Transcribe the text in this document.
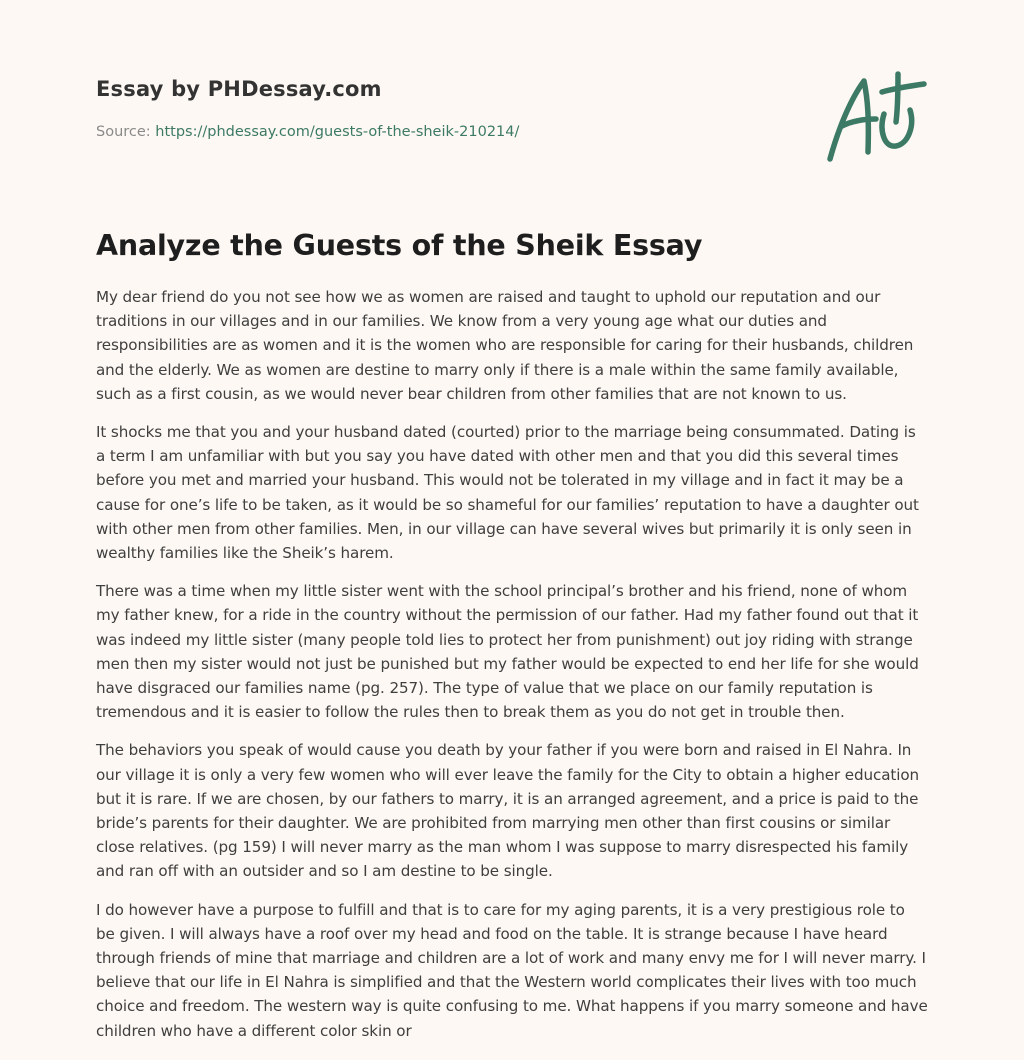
Essay by PHDessay.com
Source: https://phdessay.com/guests-of-the-sheik-210214/
Analyze the Guests of the Sheik Essay

My dear friend do you not see how we as women are raised and taught to uphold our reputation and our traditions in our villages and in our families. We know from a very young age what our duties and responsibilities are as women and it is the women who are responsible for caring for their husbands, children and the elderly. We as women are destine to marry only if there is a male within the same family available, such as a first cousin, as we would never bear children from other families that are not known to us.

It shocks me that you and your husband dated (courted) prior to the marriage being consummated. Dating is a term I am unfamiliar with but you say you have dated with other men and that you did this several times before you met and married your husband. This would not be tolerated in my village and in fact it may be a cause for one’s life to be taken, as it would be so shameful for our families’ reputation to have a daughter out with other men from other families. Men, in our village can have several wives but primarily it is only seen in wealthy families like the Sheik’s harem.

There was a time when my little sister went with the school principal’s brother and his friend, none of whom my father knew, for a ride in the country without the permission of our father. Had my father found out that it was indeed my little sister (many people told lies to protect her from punishment) out joy riding with strange men then my sister would not just be punished but my father would be expected to end her life for she would have disgraced our families name (pg. 257). The type of value that we place on our family reputation is tremendous and it is easier to follow the rules then to break them as you do not get in trouble then.

The behaviors you speak of would cause you death by your father if you were born and raised in El Nahra. In our village it is only a very few women who will ever leave the family for the City to obtain a higher education but it is rare. If we are chosen, by our fathers to marry, it is an arranged agreement, and a price is paid to the bride’s parents for their daughter. We are prohibited from marrying men other than first cousins or similar close relatives. (pg 159) I will never marry as the man whom I was suppose to marry disrespected his family and ran off with an outsider and so I am destine to be single.

I do however have a purpose to fulfill and that is to care for my aging parents, it is a very prestigious role to be given. I will always have a roof over my head and food on the table. It is strange because I have heard through friends of mine that marriage and children are a lot of work and many envy me for I will never marry. I believe that our life in El Nahra is simplified and that the Western world complicates their lives with too much choice and freedom. The western way is quite confusing to me. What happens if you marry someone and have children who have a different color skin or
